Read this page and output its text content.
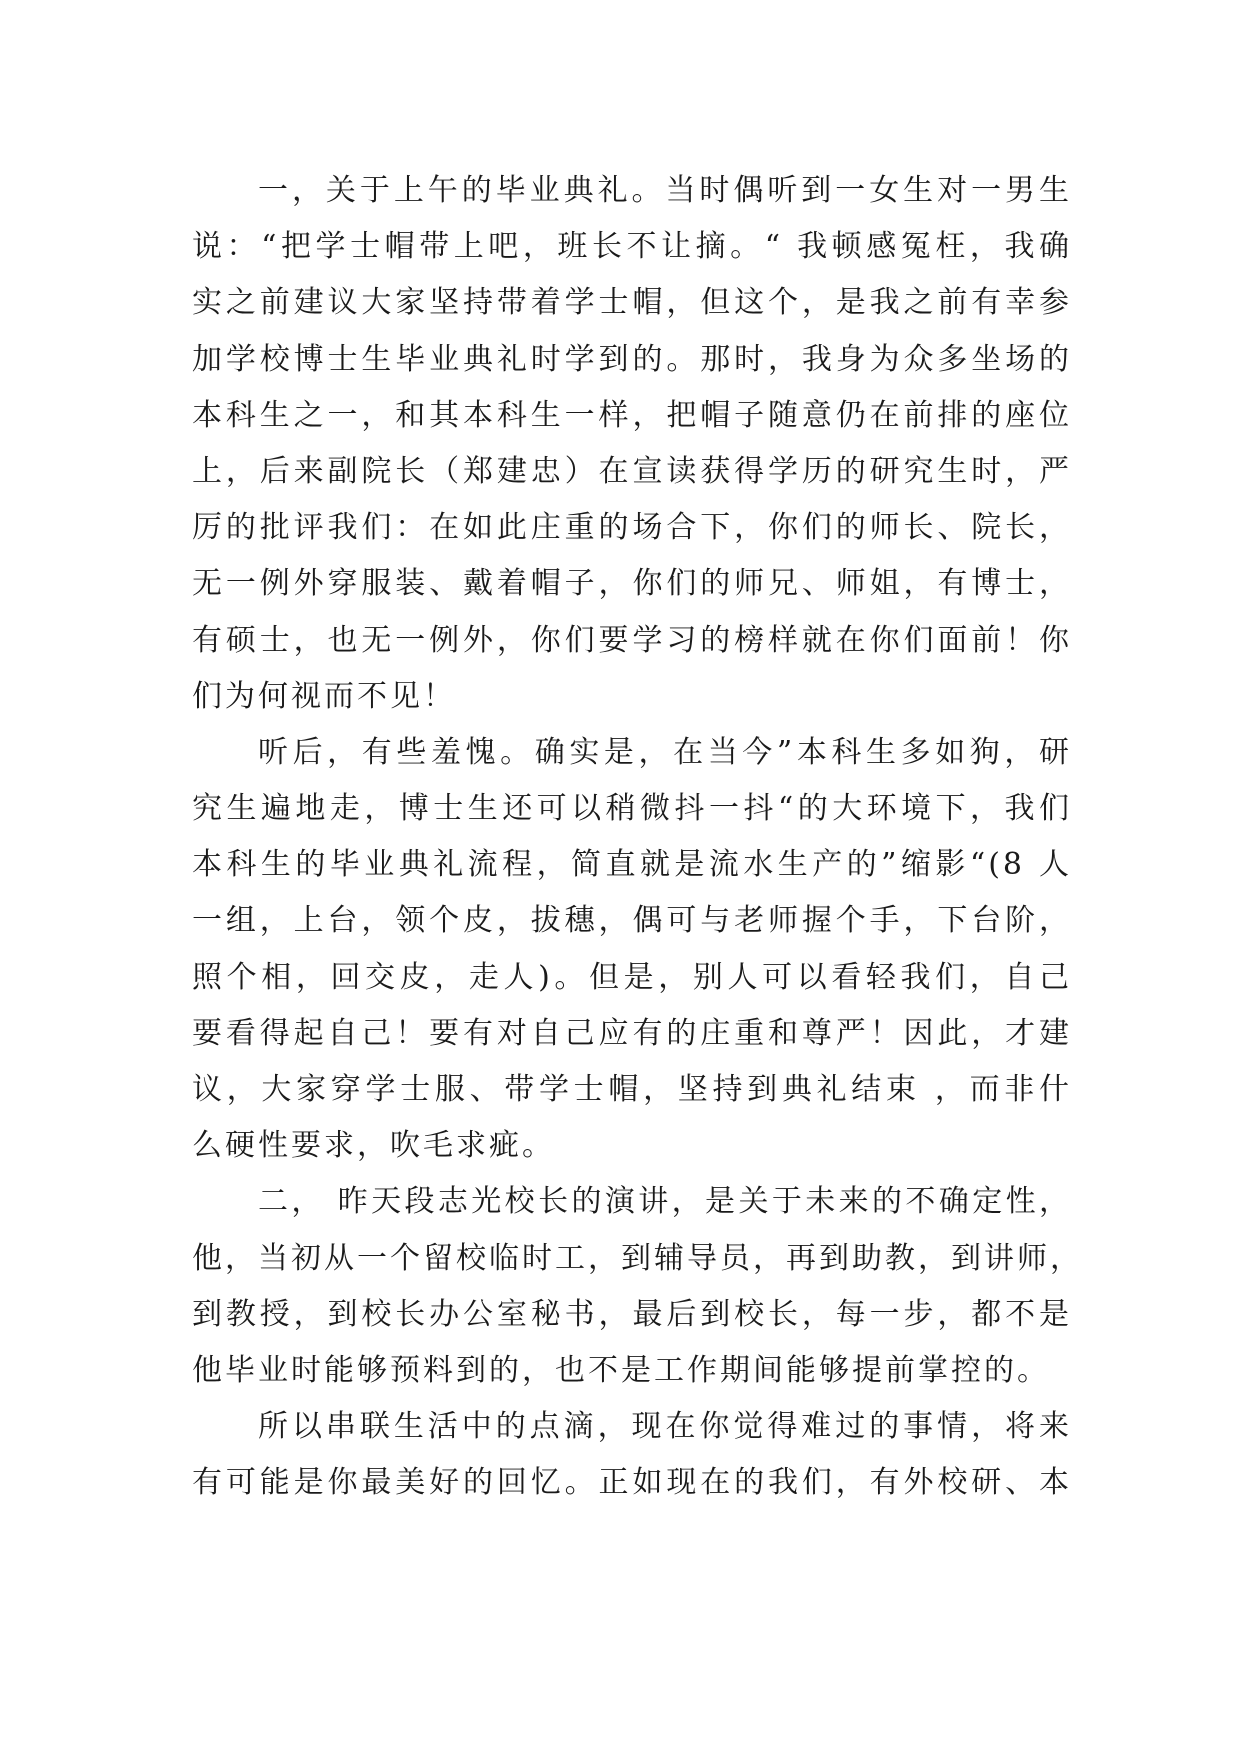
一，关于上午的毕业典礼。当时偶听到一女生对一男生
说：“把学士帽带上吧，班长不让摘。“ 我顿感冤枉，我确
实之前建议大家坚持带着学士帽，但这个，是我之前有幸参
加学校博士生毕业典礼时学到的。那时，我身为众多坐场的
本科生之一，和其本科生一样，把帽子随意仍在前排的座位
上，后来副院长（郑建忠）在宣读获得学历的研究生时，严
厉的批评我们：在如此庄重的场合下，你们的师长、院长，
无一例外穿服装、戴着帽子，你们的师兄、师姐，有博士，
有硕士，也无一例外，你们要学习的榜样就在你们面前！你
们为何视而不见！
听后，有些羞愧。确实是，在当今”本科生多如狗，研
究生遍地走，博士生还可以稍微抖一抖“的大环境下，我们
本科生的毕业典礼流程，简直就是流水生产的”缩影“(8 人
一组，上台，领个皮，拔穗，偶可与老师握个手，下台阶，
照个相，回交皮，走人)。但是，别人可以看轻我们，自己
要看得起自己！要有对自己应有的庄重和尊严！因此，才建
议，大家穿学士服、带学士帽，坚持到典礼结束 ，而非什
么硬性要求，吹毛求疵。
二， 昨天段志光校长的演讲，是关于未来的不确定性，
他，当初从一个留校临时工，到辅导员，再到助教，到讲师，
到教授，到校长办公室秘书，最后到校长，每一步，都不是
他毕业时能够预料到的，也不是工作期间能够提前掌控的。
所以串联生活中的点滴，现在你觉得难过的事情，将来
有可能是你最美好的回忆。正如现在的我们，有外校研、本
